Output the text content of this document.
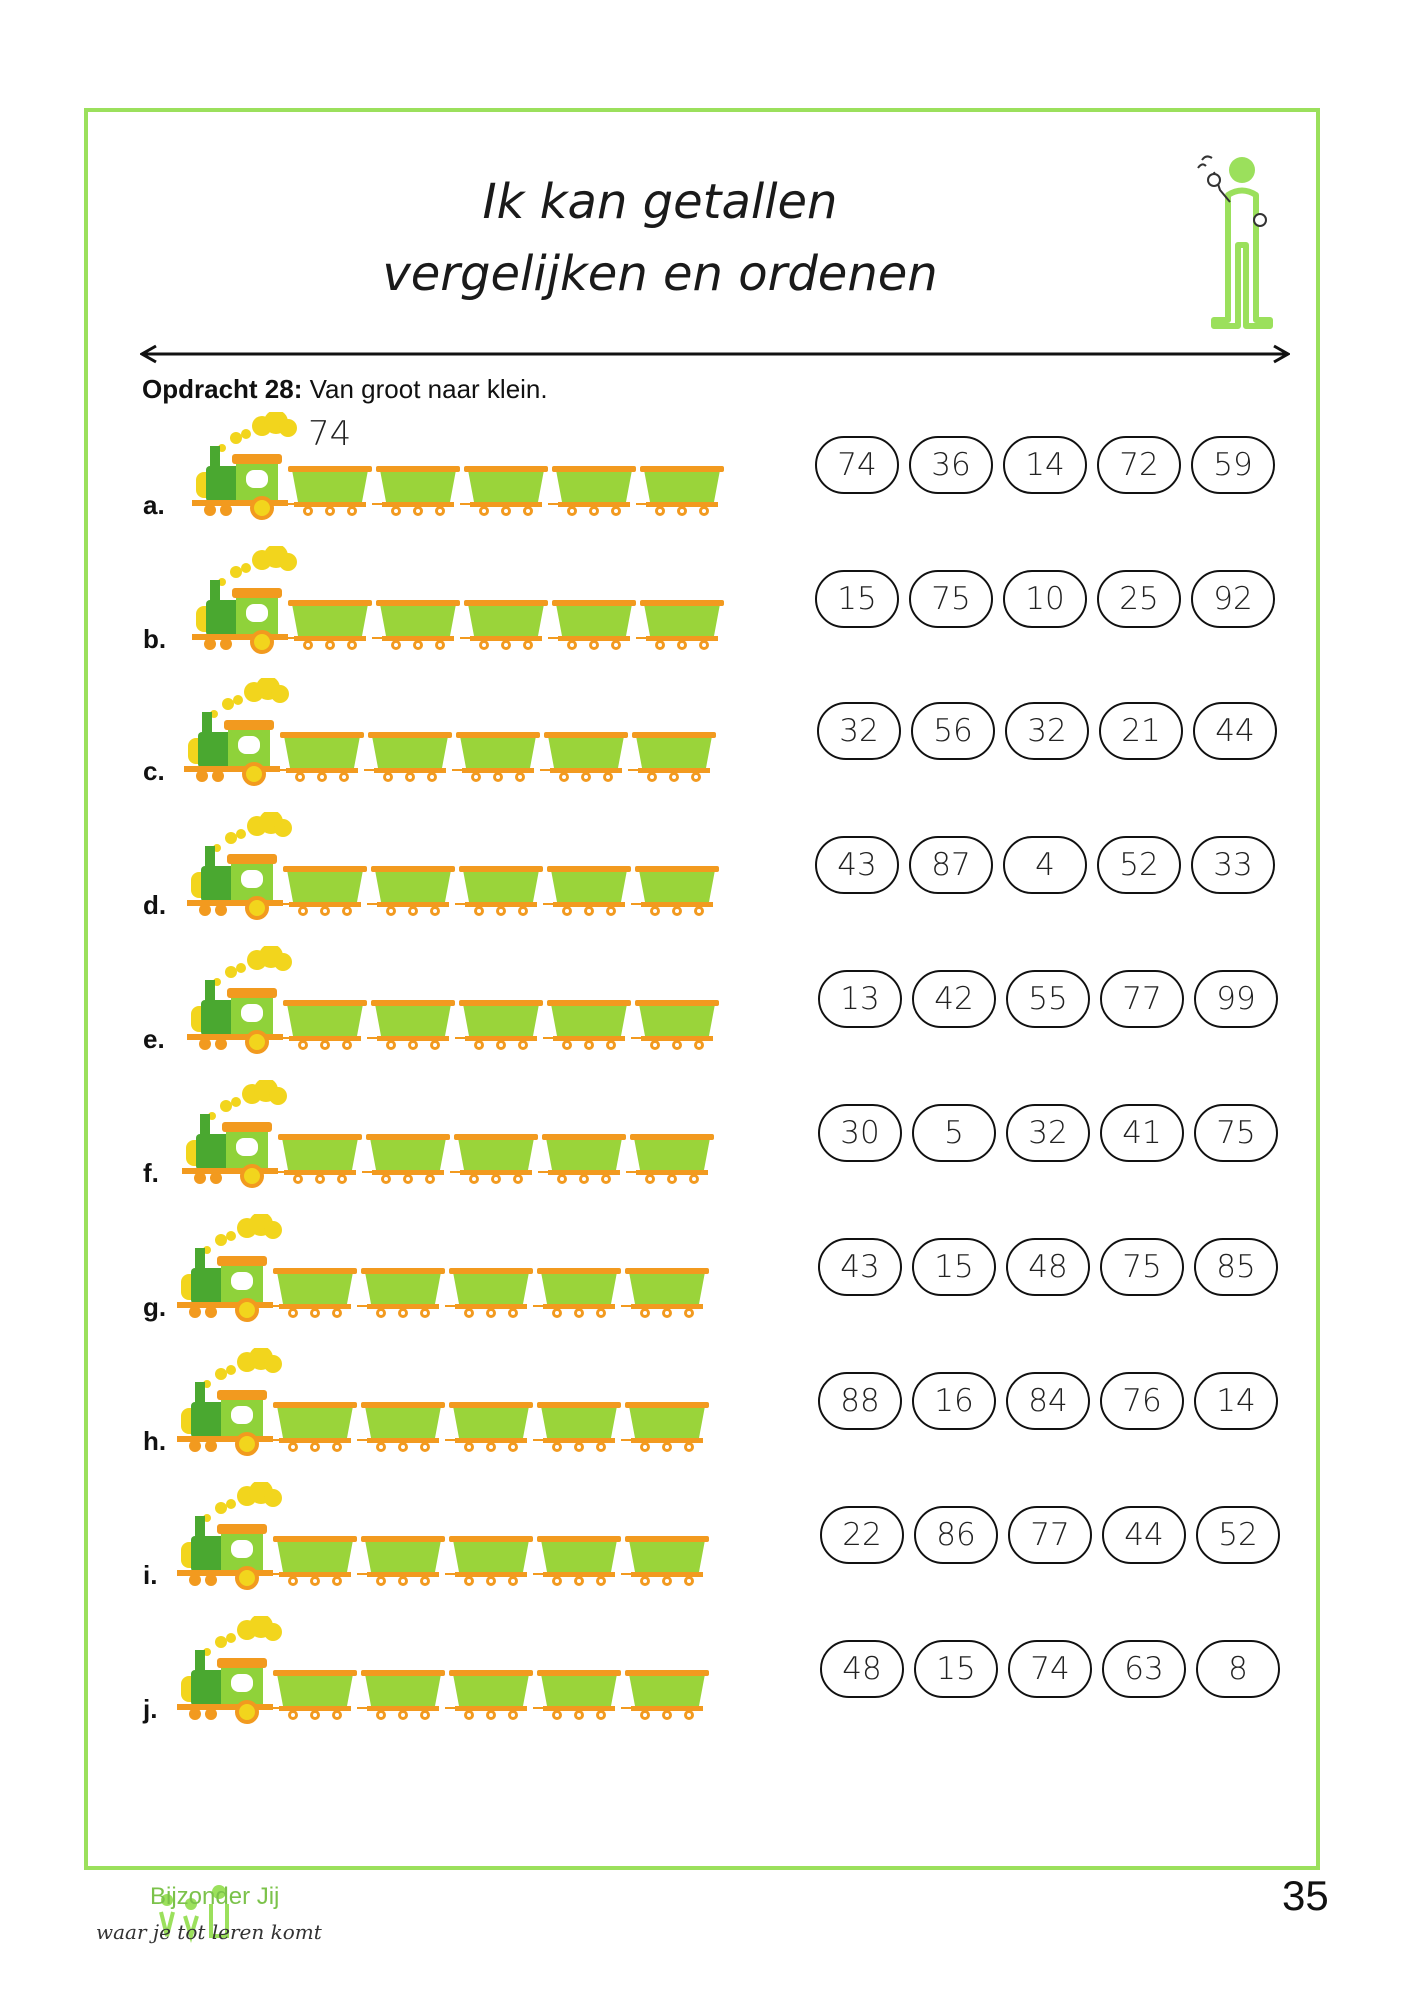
Ik kan getallen
vergelijken en ordenen
Opdracht 28: Van groot naar klein.
a.
74
74	36	14	72	59
b.
15	75	10	25	92
c.
32	56	32	21	44
d.
43	87	4	52	33
e.
13	42	55	77	99
f.
30	5	32	41	75
g.
43	15	48	75	85
h.
88	16	84	76	14
i.
22	86	77	44	52
j.
48	15	74	63	8
Bijzonder Jij
waar je tot leren komt
35
